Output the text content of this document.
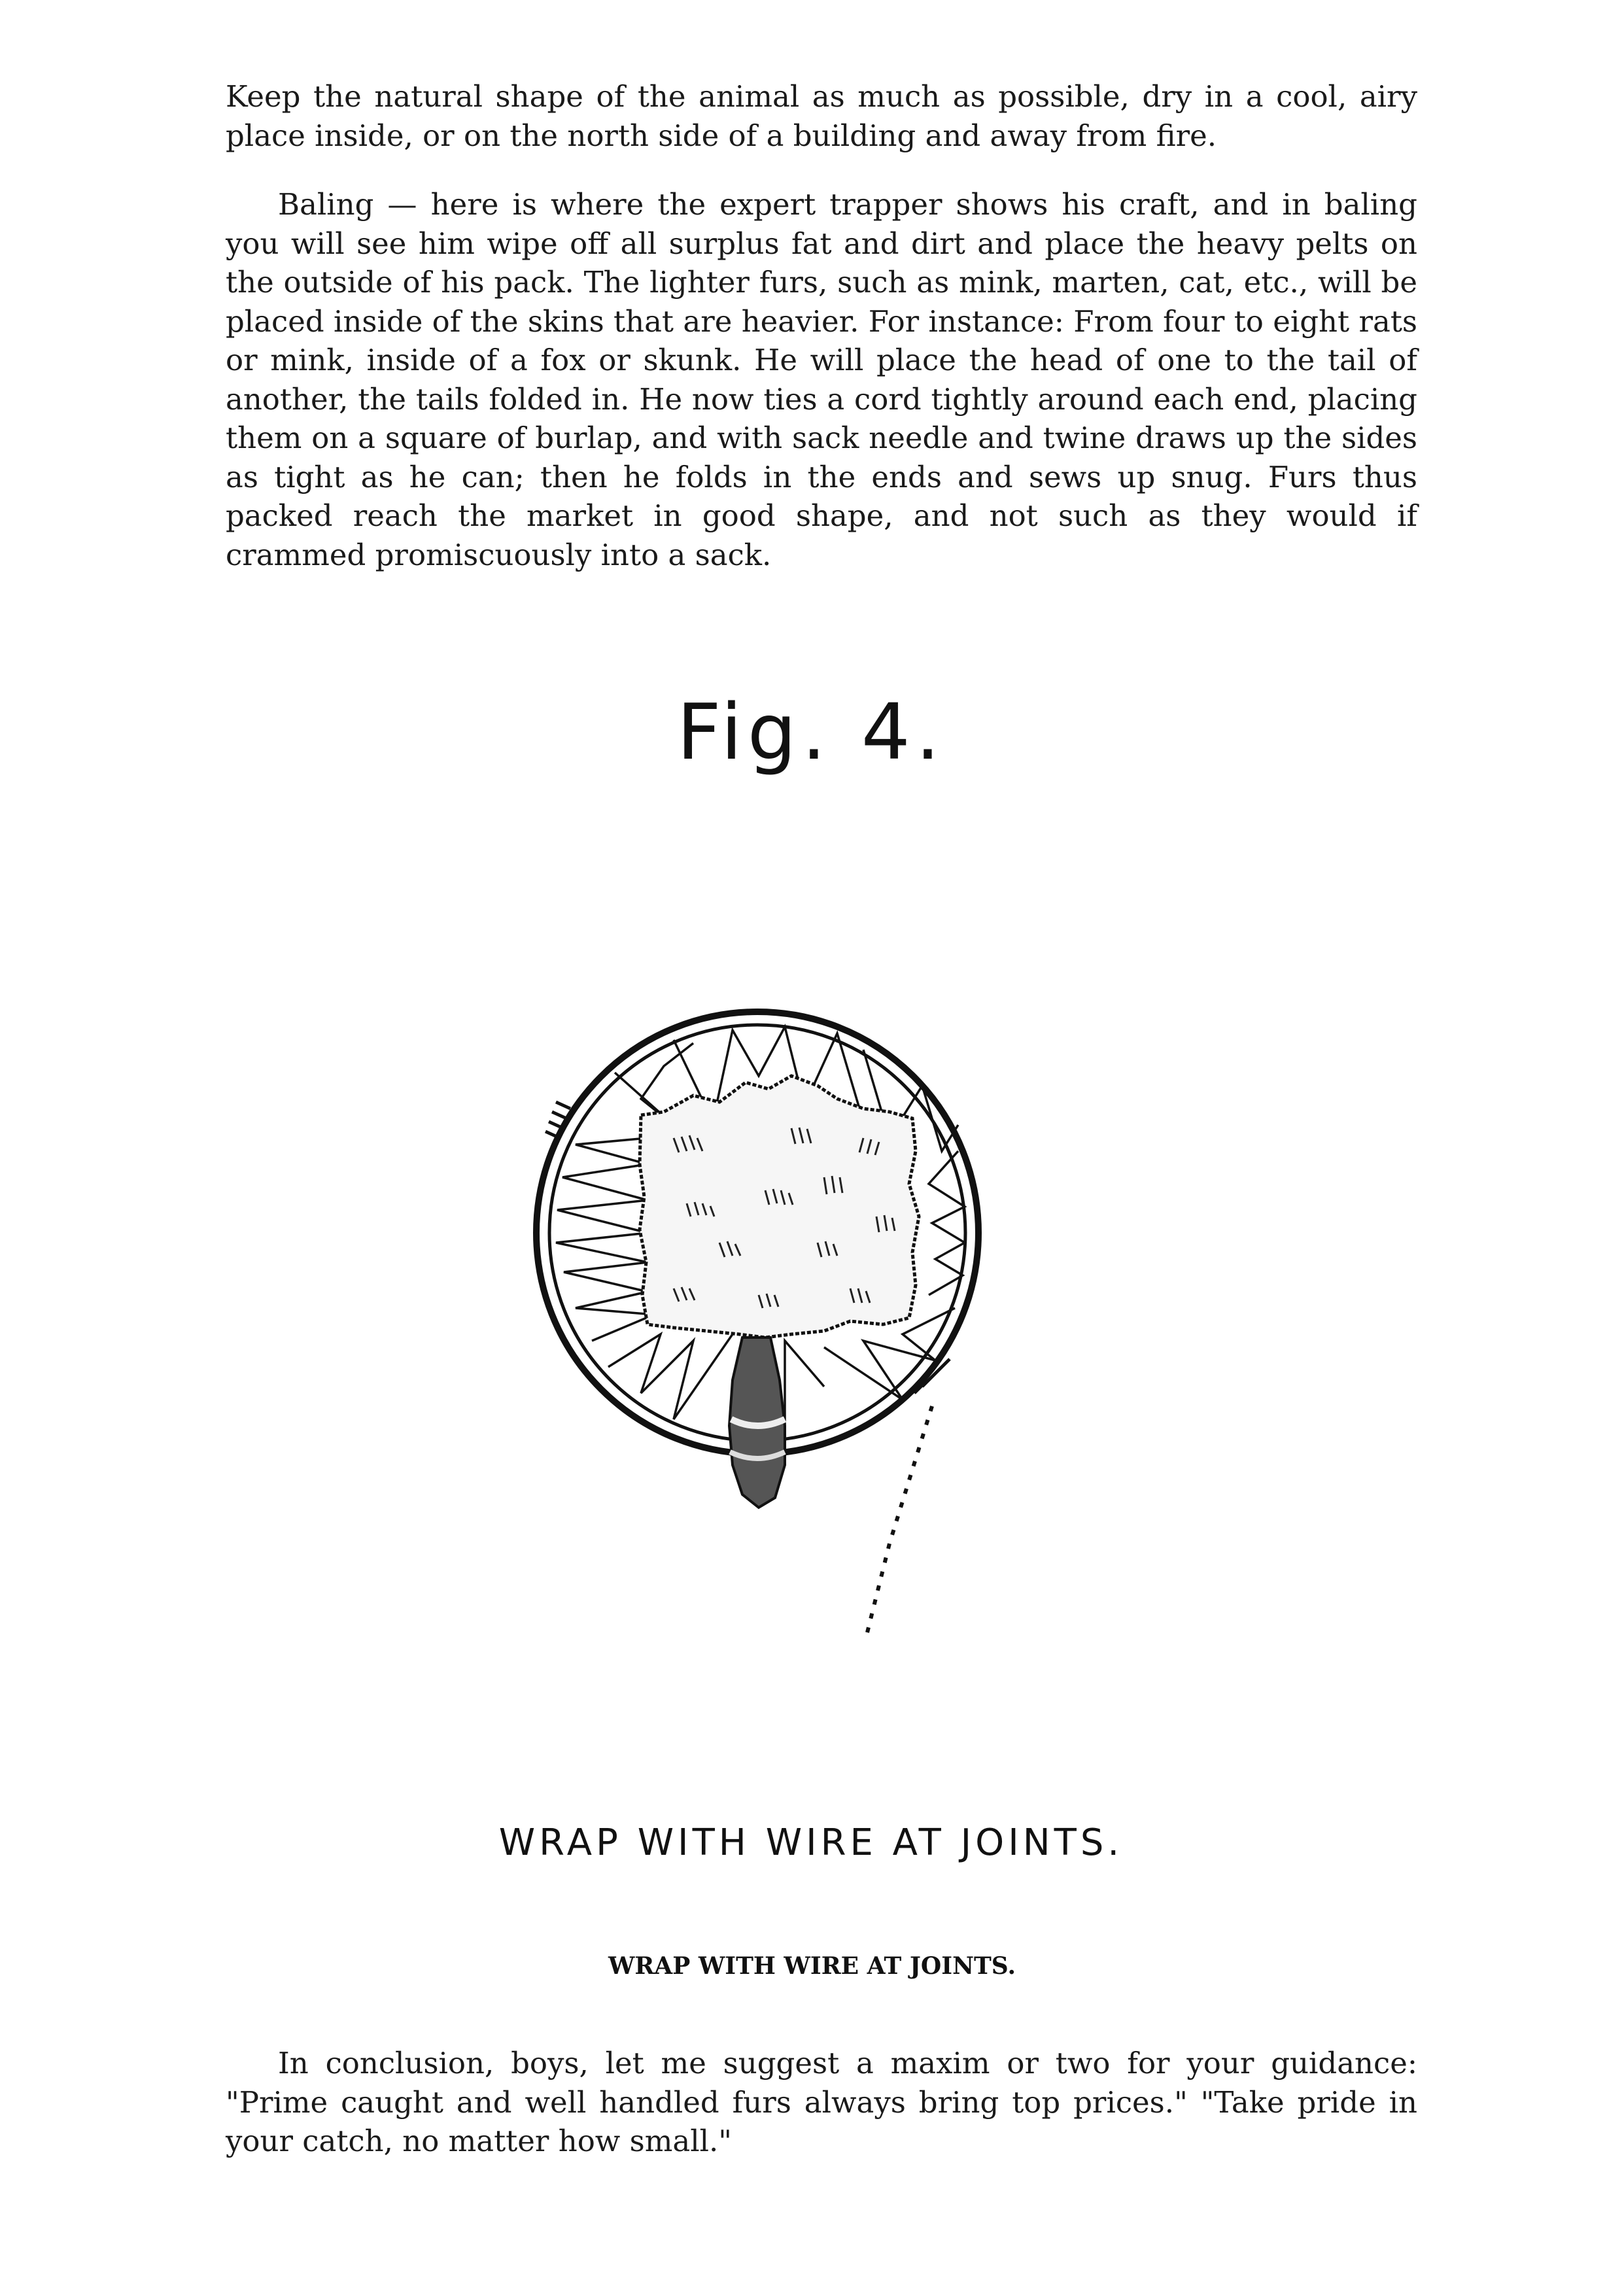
Keep the natural shape of the animal as much as possible, dry in a cool, airy place inside, or on the north side of a building and away from fire.

Baling — here is where the expert trapper shows his craft, and in baling you will see him wipe off all surplus fat and dirt and place the heavy pelts on the outside of his pack. The lighter furs, such as mink, marten, cat, etc., will be placed inside of the skins that are heavier. For instance: From four to eight rats or mink, inside of a fox or skunk. He will place the head of one to the tail of another, the tails folded in. He now ties a cord tightly around each end, placing them on a square of burlap, and with sack needle and twine draws up the sides as tight as he can; then he folds in the ends and sews up snug. Furs thus packed reach the market in good shape, and not such as they would if crammed promiscuously into a sack.

Fig. 4.
WRAP WITH WIRE AT JOINTS.
WRAP WITH WIRE AT JOINTS.

In conclusion, boys, let me suggest a maxim or two for your guidance: "Prime caught and well handled furs always bring top prices." "Take pride in your catch, no matter how small."
